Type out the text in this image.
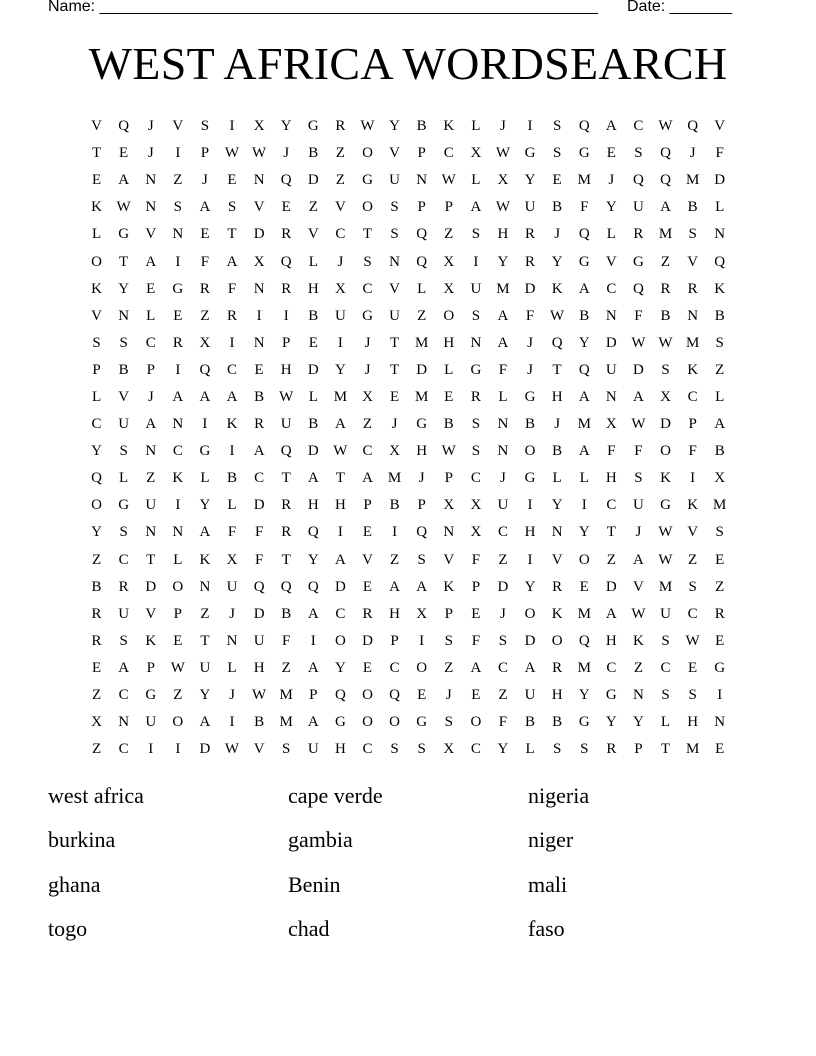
Name: ________________________________________________________ Date: _______
WEST AFRICA WORDSEARCH
V	Q	J	V	S	I	X	Y	G	R	W Y	B	K	L	J	I	S	Q	A	C	W Q	V
T	E	J	I	P	W W	J	B	Z	O	V	P	C	X W G	S	G	E	S	Q	J	F
E	A	N	Z	J	E	N	Q	D	Z	G	U	N W	L	X	Y	E	M	J	Q	Q	M	D
K W N	S	A	S	V	E	Z	V	O	S	P	P	A W U	B	F	Y	U	A	B	L
L	G	V	N	E	T	D	R	V	C	T	S	Q	Z	S	H	R	J	Q	L	R	M	S	N
O	T	A	I	F	A	X	Q	L	J	S	N	Q	X	I	Y	R	Y	G	V	G	Z	V	Q
K	Y	E	G	R	F	N	R	H	X	C	V	L	X	U	M	D	K	A	C	Q	R	R	K
V	N	L	E	Z	R	I	I	B	U	G	U	Z	O	S	A	F	W	B	N	F	B	N	B
S	S	C	R	X	I	N	P	E	I	J	T	M	H	N	A	J	Q	Y	D W W M	S
P	B	P	I	Q	C	E	H	D	Y	J	T	D	L	G	F	J	T	Q	U	D	S	K	Z
L	V	J	A	A	A	B	W	L	M	X	E	M	E	R	L	G	H	A	N	A	X	C	L
C	U	A	N	I	K	R	U	B	A	Z	J	G	B	S	N	B	J	M	X W D	P	A
Y	S	N	C	G	I	A	Q	D W	C	X	H W	S	N	O	B	A	F	F	O	F	B
Q	L	Z	K	L	B	C	T	A	T	A	M	J	P	C	J	G	L	L	H	S	K	I	X
O	G	U	I	Y	L	D	R	H	H	P	B	P	X	X	U	I	Y	I	C	U	G	K	M
Y	S	N	N	A	F	F	R	Q	I	E	I	Q	N	X	C	H	N	Y	T	J	W V	S
Z	C	T	L	K	X	F	T	Y	A	V	Z	S	V	F	Z	I	V	O	Z	A W	Z	E
B	R	D	O	N	U	Q	Q	Q	D	E	A	A	K	P	D	Y	R	E	D	V	M	S	Z
R	U	V	P	Z	J	D	B	A	C	R	H	X	P	E	J	O	K	M	A W U	C	R
R	S	K	E	T	N	U	F	I	O	D	P	I	S	F	S	D	O	Q	H	K	S	W	E
E	A	P	W U	L	H	Z	A	Y	E	C	O	Z	A	C	A	R	M	C	Z	C	E	G
Z	C	G	Z	Y	J	W M	P	Q	O	Q	E	J	E	Z	U	H	Y	G	N	S	S	I
X	N	U	O	A	I	B	M	A	G	O	O	G	S	O	F	B	B	G	Y	Y	L	H	N
Z	C	I	I	D W V	S	U	H	C	S	S	X	C	Y	L	S	S	R	P	T	M	E
west africa	cape verde	nigeria
burkina	gambia	niger
ghana	Benin	mali
togo	chad	faso
